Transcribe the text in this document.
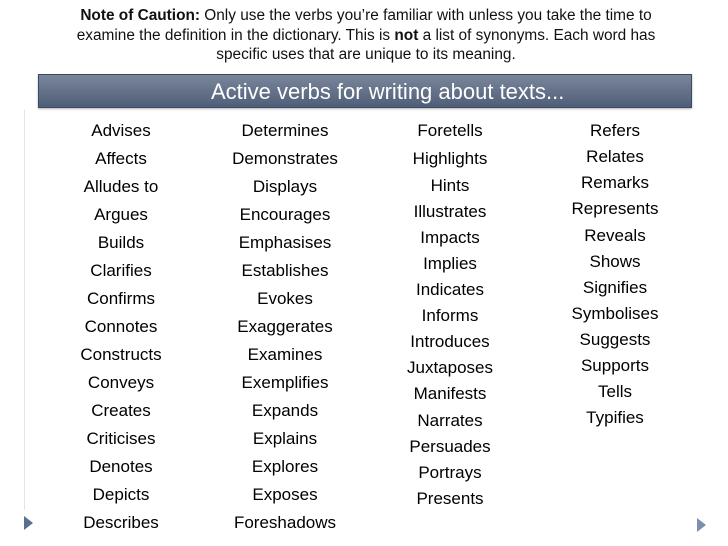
Note of Caution: Only use the verbs you’re familiar with unless you take the time to examine the definition in the dictionary. This is not a list of synonyms. Each word has specific uses that are unique to its meaning.
Active verbs for writing about texts...
Advises
Affects
Alludes to
Argues
Builds
Clarifies
Confirms
Connotes
Constructs
Conveys
Creates
Criticises
Denotes
Depicts
Describes
Determines
Demonstrates
Displays
Encourages
Emphasises
Establishes
Evokes
Exaggerates
Examines
Exemplifies
Expands
Explains
Explores
Exposes
Foreshadows
Foretells
Highlights
Hints
Illustrates
Impacts
Implies
Indicates
Informs
Introduces
Juxtaposes
Manifests
Narrates
Persuades
Portrays
Presents
Refers
Relates
Remarks
Represents
Reveals
Shows
Signifies
Symbolises
Suggests
Supports
Tells
Typifies
